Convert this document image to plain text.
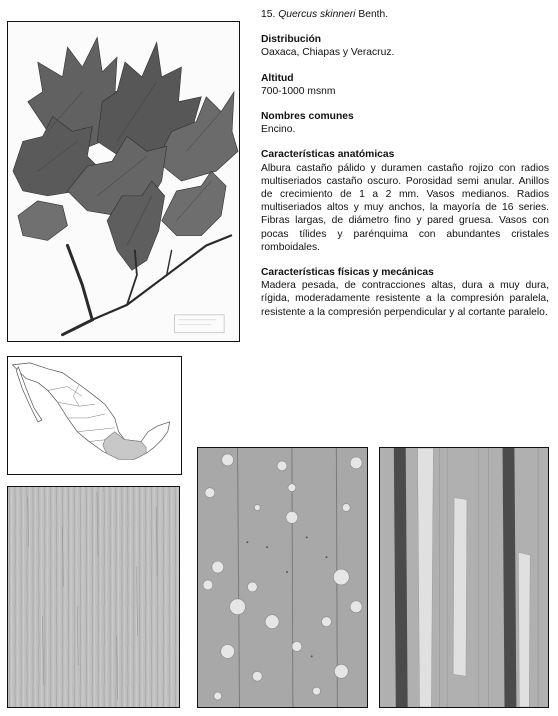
15. Quercus skinneri Benth.

Distribución

Oaxaca, Chiapas y Veracruz.

Altitud

700-1000 msnm

Nombres comunes

Encino.

Características anatómicas

Albura castaño pálido y duramen castaño rojizo con radios multiseriados castaño oscuro. Porosidad semi anular. Anillos de crecimiento de 1 a 2 mm. Vasos medianos. Radios multiseriados altos y muy anchos, la mayoría de 16 series. Fibras largas, de diámetro fino y pared gruesa. Vasos con pocas tílides y parénquima con abundantes cristales romboidales.

Características físicas y mecánicas

Madera pesada, de contracciones altas, dura a muy dura, rígida, moderadamente resistente a la compresión paralela, resistente a la compresión perpendicular y al cortante paralelo.
